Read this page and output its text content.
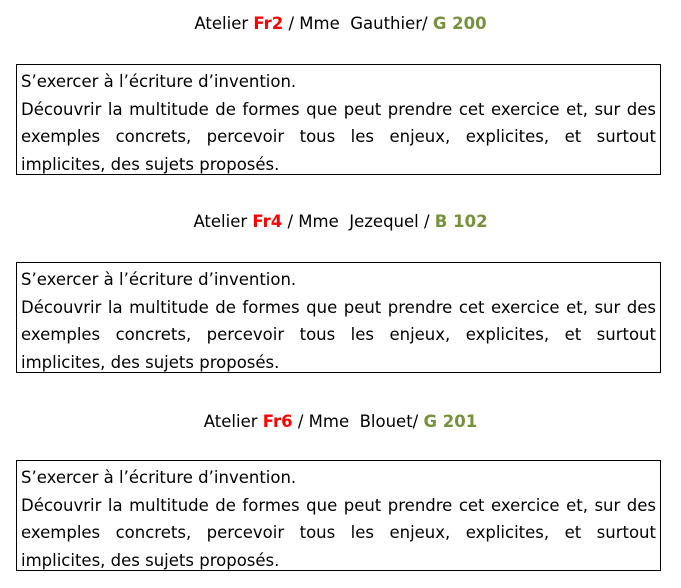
Atelier Fr2 / Mme  Gauthier/ G 200

S’exercer à l’écriture d’invention.

Découvrir la multitude de formes que peut prendre cet exercice et, sur des exemples concrets, percevoir tous les enjeux, explicites, et surtout implicites, des sujets proposés.

Atelier Fr4 / Mme  Jezequel / B 102

S’exercer à l’écriture d’invention.

Découvrir la multitude de formes que peut prendre cet exercice et, sur des exemples concrets, percevoir tous les enjeux, explicites, et surtout implicites, des sujets proposés.

Atelier Fr6 / Mme  Blouet/ G 201

S’exercer à l’écriture d’invention.

Découvrir la multitude de formes que peut prendre cet exercice et, sur des exemples concrets, percevoir tous les enjeux, explicites, et surtout implicites, des sujets proposés.
